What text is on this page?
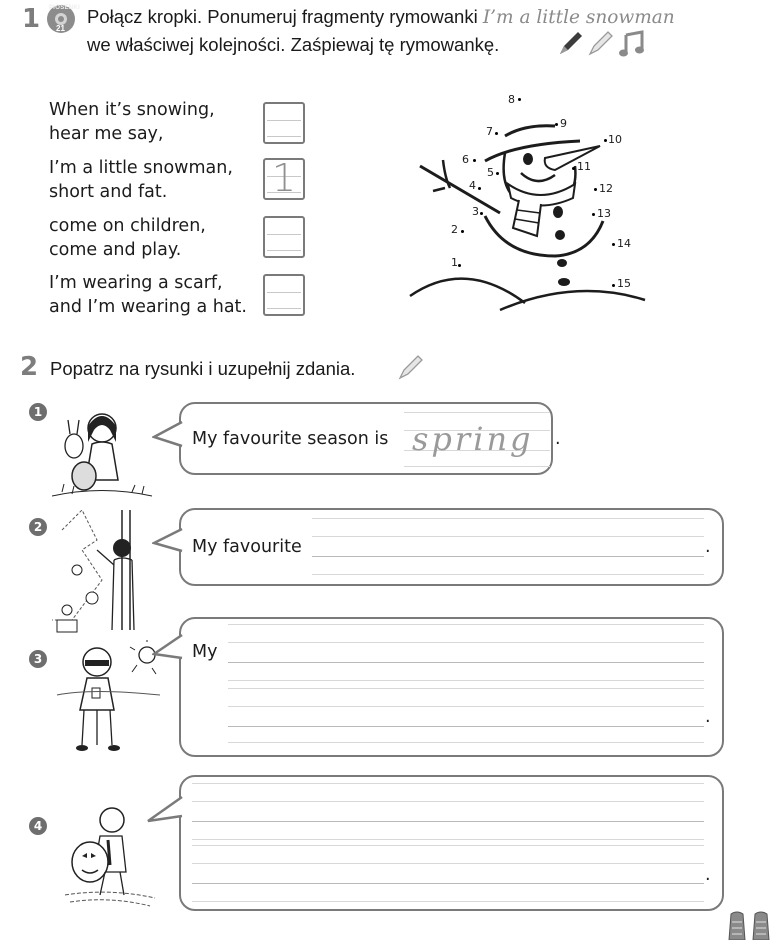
1 PIOSENKI
21
Połącz kropki. Ponumeruj fragmenty rymowanki I’m a little snowman
we właściwej kolejności. Zaśpiewaj tę rymowankę.
When it’s snowing,
hear me say,
I’m a little snowman,
short and fat.	1
come on children,
come and play.
I’m wearing a scarf,
and I’m wearing a hat.
1
2
3
4
5
6
7
8
9
10
11
12
13
14
15
2 Popatrz na rysunki i uzupełnij zdania.
1
My favourite season is spring .
2
My favourite	.
3	My
.
4
.
